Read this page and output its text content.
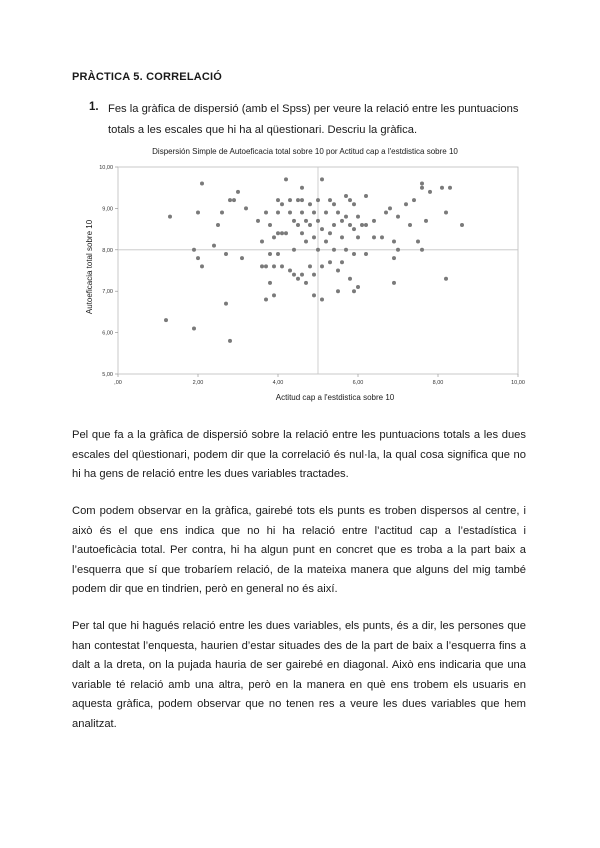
PRÀCTICA 5. CORRELACIÓ
1. Fes la gràfica de dispersió (amb el Spss) per veure la relació entre les puntuacions totals a les escales que hi ha al qüestionari. Descriu la gràfica.
Dispersión Simple de Autoeficacia total sobre 10 por Actitud cap a l'estdistica sobre 10
,00	2,00	4,00	6,00	8,00	10,00
5,00
6,00
7,00
8,00
9,00
10,00
Actitud cap a l'estdistica sobre 10
Autoeficacia total sobre 10
Pel que fa a la gràfica de dispersió sobre la relació entre les puntuacions totals a les dues escales del qüestionari, podem dir que la correlació és nul·la, la qual cosa significa que no hi ha gens de relació entre les dues variables tractades.
Com podem observar en la gràfica, gairebé tots els punts es troben dispersos al centre, i això és el que ens indica que no hi ha relació entre l’actitud cap a l’estadística i l’autoeficàcia total. Per contra, hi ha algun punt en concret que es troba a la part baix a l’esquerra que sí que trobaríem relació, de la mateixa manera que alguns del mig també podem dir que en tindrien, però en general no és així.
Per tal que hi hagués relació entre les dues variables, els punts, és a dir, les persones que han contestat l’enquesta, haurien d’estar situades des de la part de baix a l’esquerra fins a dalt a la dreta, on la pujada hauria de ser gairebé en diagonal. Això ens indicaria que una variable té relació amb una altra, però en la manera en què ens trobem els usuaris en aquesta gràfica, podem observar que no tenen res a veure les dues variables que hem analitzat.
